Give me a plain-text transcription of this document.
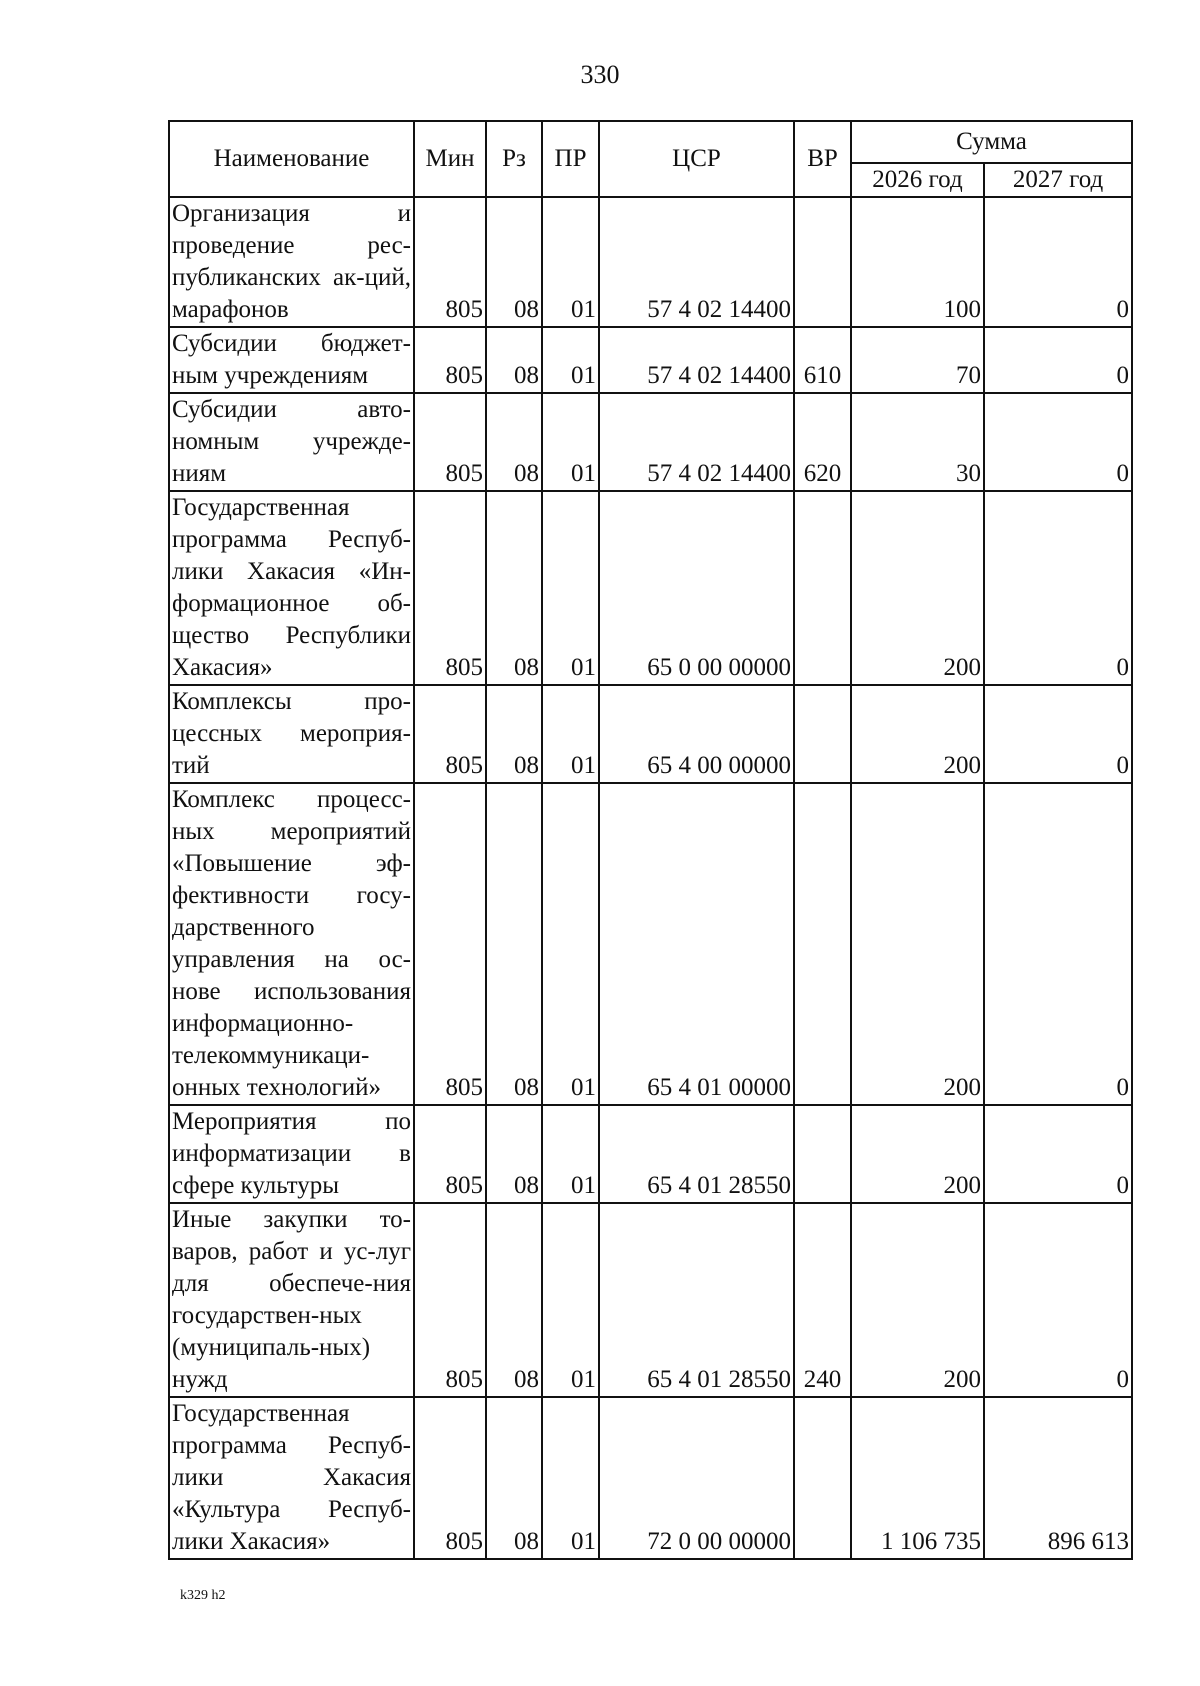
330
Наименование	Мин	Рз	ПР	ЦСР	ВР	Сумма	
						2026 год	2027 год
Организация и проведение рес-публиканских ак-ций, марафонов	805	08	01	57 4 02 14400		100	0
Субсидии бюджет-ным учреждениям	805	08	01	57 4 02 14400	610	70	0
Субсидии авто-номным учрежде-ниям	805	08	01	57 4 02 14400	620	30	0
Государственная программа Респуб-лики Хакасия «Ин-формационное об-щество Республики Хакасия»	805	08	01	65 0 00 00000		200	0
Комплексы про-цессных мероприя-тий	805	08	01	65 4 00 00000		200	0
Комплекс процесс-ных мероприятий «Повышение эф-фективности госу-дарственного управления на ос-нове использования информационно-телекоммуникаци-онных технологий»	805	08	01	65 4 01 00000		200	0
Мероприятия по информатизации в сфере культуры	805	08	01	65 4 01 28550		200	0
Иные закупки то-варов, работ и ус-луг для обеспече-ния государствен-ных (муниципаль-ных) нужд	805	08	01	65 4 01 28550	240	200	0
Государственная программа Респуб-лики Хакасия «Культура Респуб-лики Хакасия»	805	08	01	72 0 00 00000		1 106 735	896 613
k329 h2
